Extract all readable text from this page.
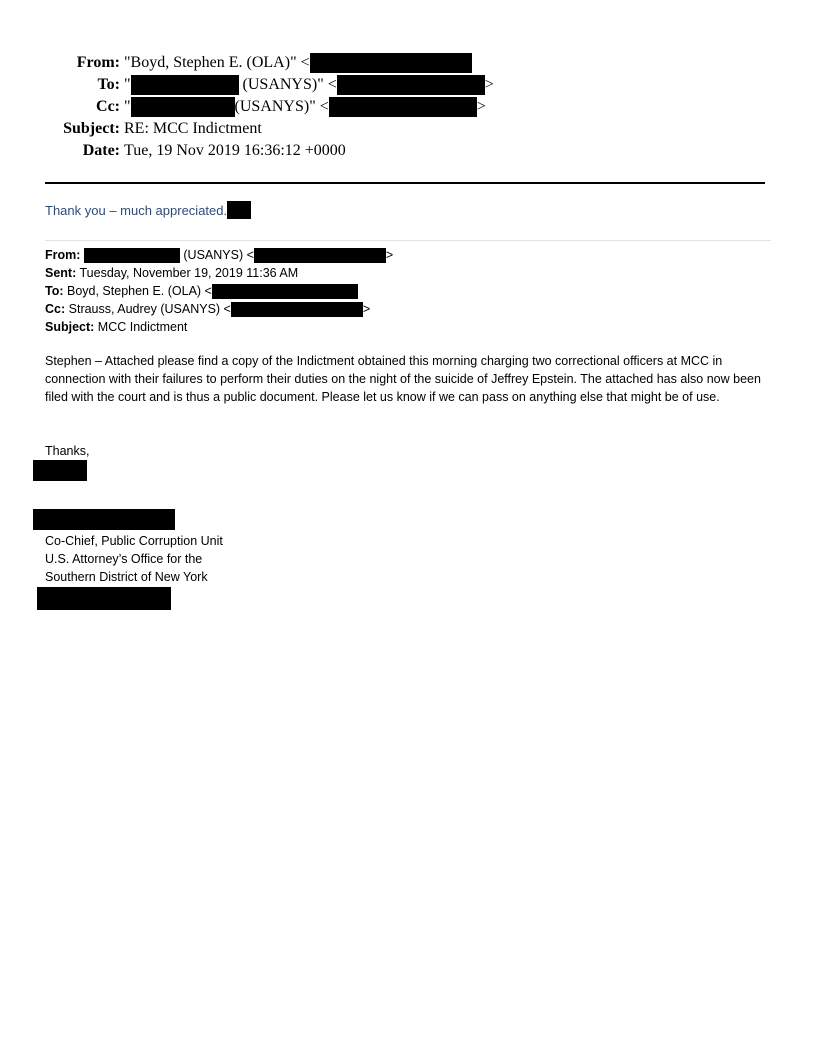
From: "Boyd, Stephen E. (OLA)" <
To: "	(USANYS)" <	>
Cc: "	(USANYS)" <	>
Subject: RE: MCC Indictment
Date: Tue, 19 Nov 2019 16:36:12 +0000
Thank you – much appreciated.
From:	(USANYS) <	>
Sent: Tuesday, November 19, 2019 11:36 AM
To: Boyd, Stephen E. (OLA) <
Cc: Strauss, Audrey (USANYS) <	>
Subject: MCC Indictment
Stephen – Attached please find a copy of the Indictment obtained this morning charging two correctional officers at MCC in connection with their failures to perform their duties on the night of the suicide of Jeffrey Epstein. The attached has also now been filed with the court and is thus a public document. Please let us know if we can pass on anything else that might be of use.
Thanks,
Co-Chief, Public Corruption Unit
U.S. Attorney’s Office for the
Southern District of New York
